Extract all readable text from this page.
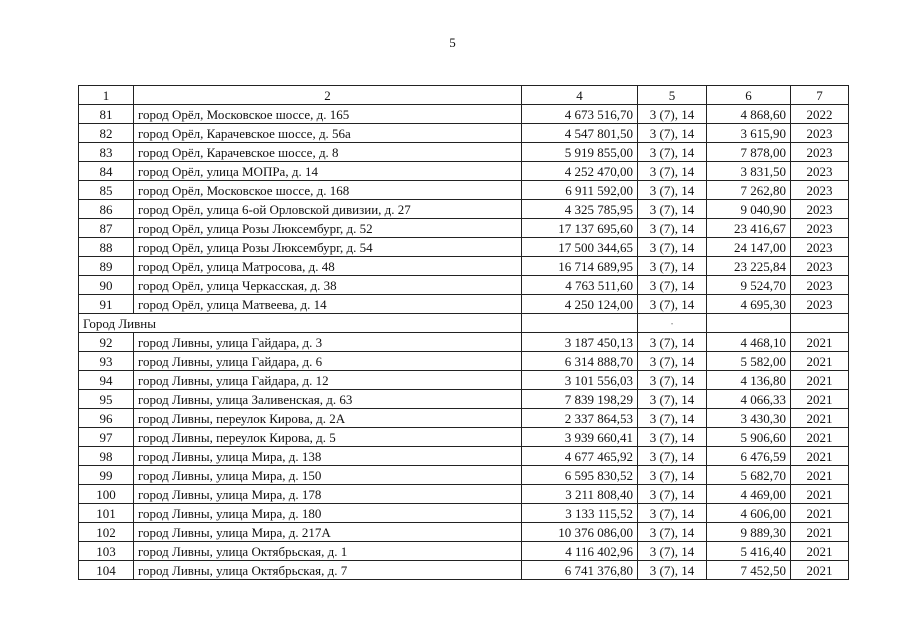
5
1	2	4	5	6	7
81	город Орёл, Московское шоссе, д. 165	4 673 516,70	3 (7), 14	4 868,60	2022
82	город Орёл, Карачевское шоссе, д. 56а	4 547 801,50	3 (7), 14	3 615,90	2023
83	город Орёл, Карачевское шоссе, д. 8	5 919 855,00	3 (7), 14	7 878,00	2023
84	город Орёл, улица МОПРа, д. 14	4 252 470,00	3 (7), 14	3 831,50	2023
85	город Орёл, Московское шоссе, д. 168	6 911 592,00	3 (7), 14	7 262,80	2023
86	город Орёл, улица 6-ой Орловской дивизии, д. 27	4 325 785,95	3 (7), 14	9 040,90	2023
87	город Орёл, улица Розы Люксембург, д. 52	17 137 695,60	3 (7), 14	23 416,67	2023
88	город Орёл, улица Розы Люксембург, д. 54	17 500 344,65	3 (7), 14	24 147,00	2023
89	город Орёл, улица Матросова, д. 48	16 714 689,95	3 (7), 14	23 225,84	2023
90	город Орёл, улица Черкасская, д. 38	4 763 511,60	3 (7), 14	9 524,70	2023
91	город Орёл, улица Матвеева, д. 14	4 250 124,00	3 (7), 14	4 695,30	2023
Город Ливны			·		
92	город Ливны, улица Гайдара, д. 3	3 187 450,13	3 (7), 14	4 468,10	2021
93	город Ливны, улица Гайдара, д. 6	6 314 888,70	3 (7), 14	5 582,00	2021
94	город Ливны, улица Гайдара, д. 12	3 101 556,03	3 (7), 14	4 136,80	2021
95	город Ливны, улица Заливенская, д. 63	7 839 198,29	3 (7), 14	4 066,33	2021
96	город Ливны, переулок Кирова, д. 2А	2 337 864,53	3 (7), 14	3 430,30	2021
97	город Ливны, переулок Кирова, д. 5	3 939 660,41	3 (7), 14	5 906,60	2021
98	город Ливны, улица Мира, д. 138	4 677 465,92	3 (7), 14	6 476,59	2021
99	город Ливны, улица Мира, д. 150	6 595 830,52	3 (7), 14	5 682,70	2021
100	город Ливны, улица Мира, д. 178	3 211 808,40	3 (7), 14	4 469,00	2021
101	город Ливны, улица Мира, д. 180	3 133 115,52	3 (7), 14	4 606,00	2021
102	город Ливны, улица Мира, д. 217А	10 376 086,00	3 (7), 14	9 889,30	2021
103	город Ливны, улица Октябрьская, д. 1	4 116 402,96	3 (7), 14	5 416,40	2021
104	город Ливны, улица Октябрьская, д. 7	6 741 376,80	3 (7), 14	7 452,50	2021
